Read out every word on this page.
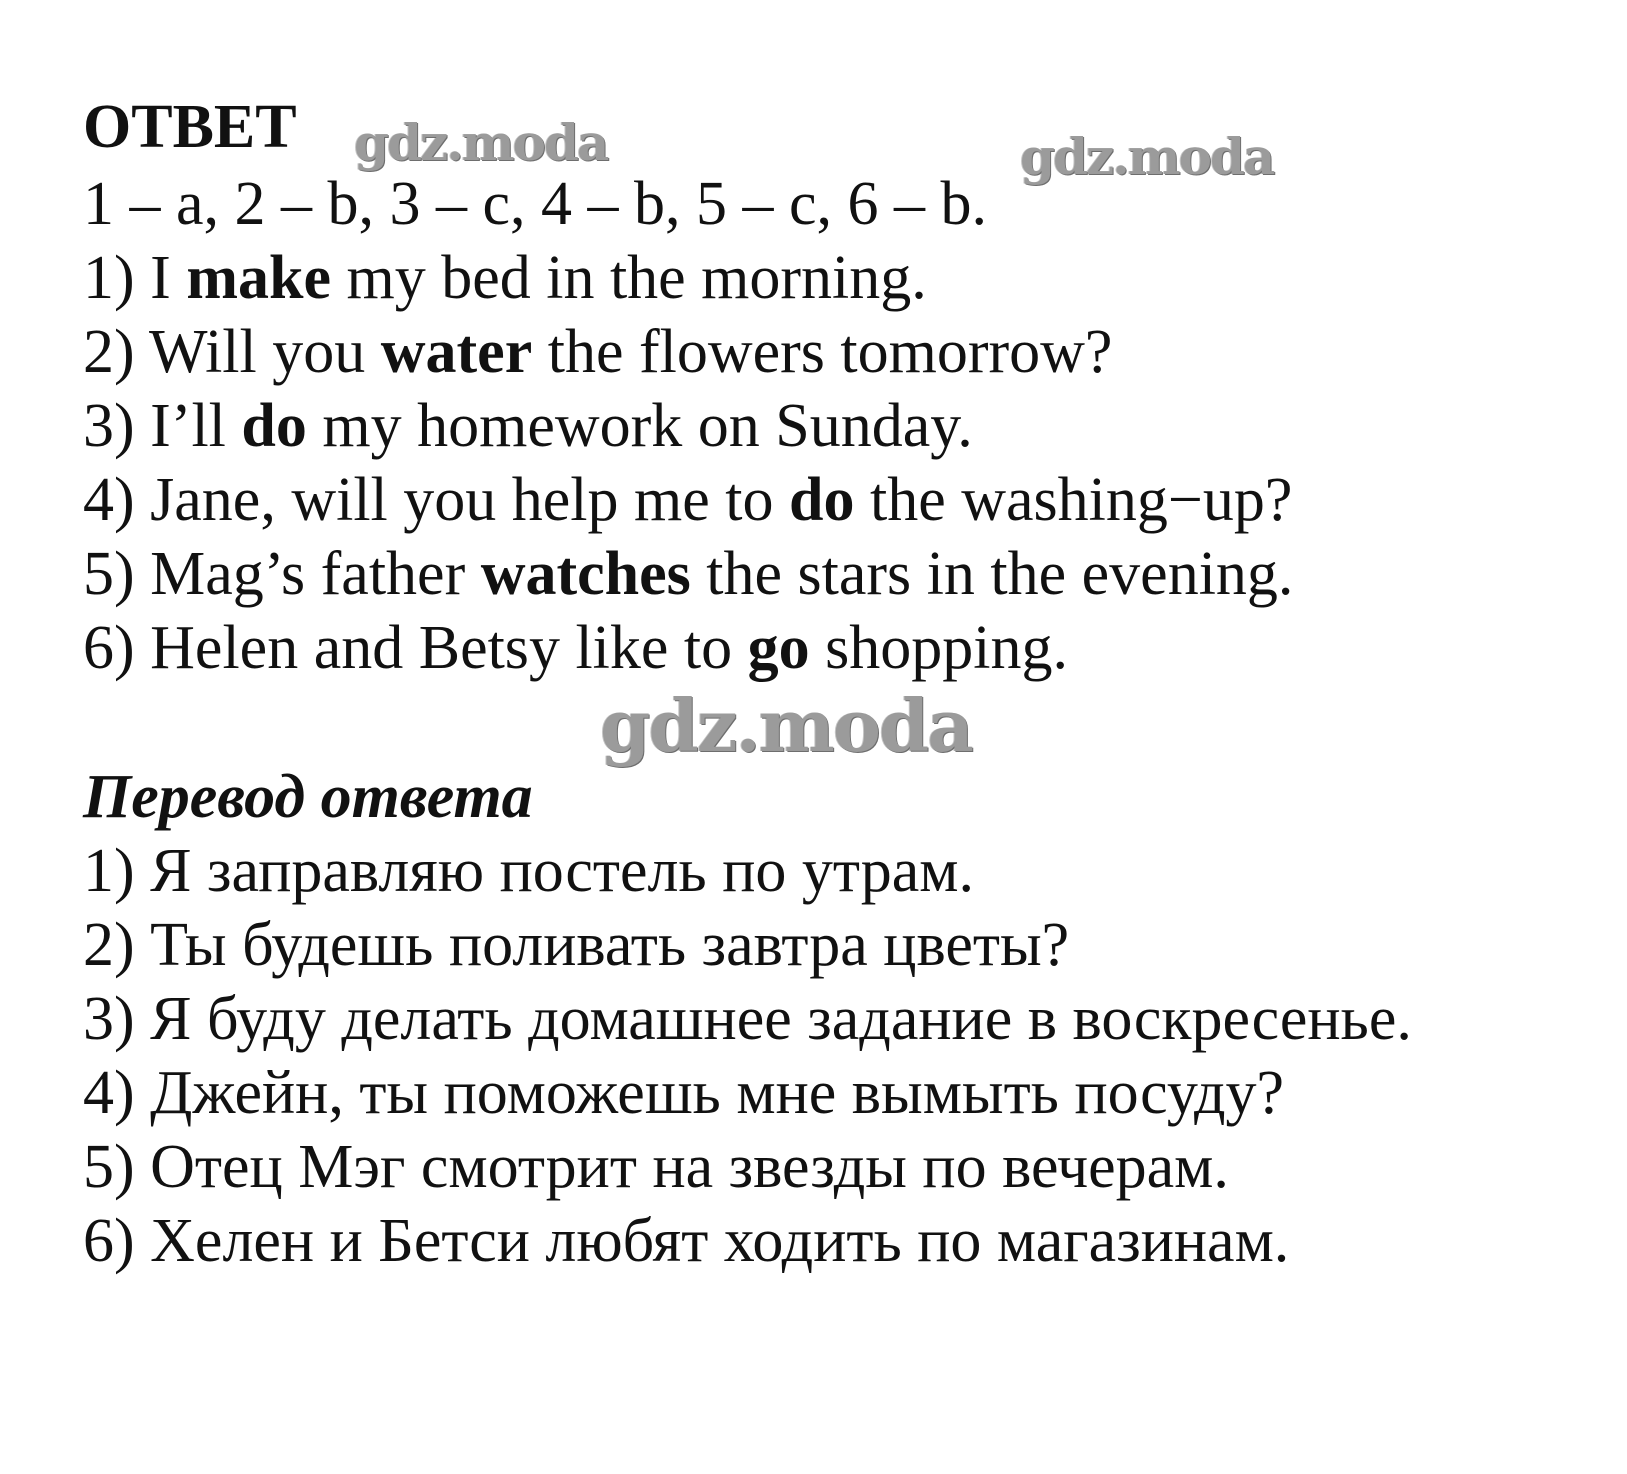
ОТВЕТ
1 – a, 2 – b, 3 – c, 4 – b, 5 – c, 6 – b.
1) I make my bed in the morning.
2) Will you water the flowers tomorrow?
3) I’ll do my homework on Sunday.
4) Jane, will you help me to do the washing−up?
5) Mag’s father watches the stars in the evening.
6) Helen and Betsy like to go shopping.
Перевод ответа
1) Я заправляю постель по утрам.
2) Ты будешь поливать завтра цветы?
3) Я буду делать домашнее задание в воскресенье.
4) Джейн, ты поможешь мне вымыть посуду?
5) Отец Мэг смотрит на звезды по вечерам.
6) Хелен и Бетси любят ходить по магазинам.
gdz.moda	gdz.moda
gdz.moda
